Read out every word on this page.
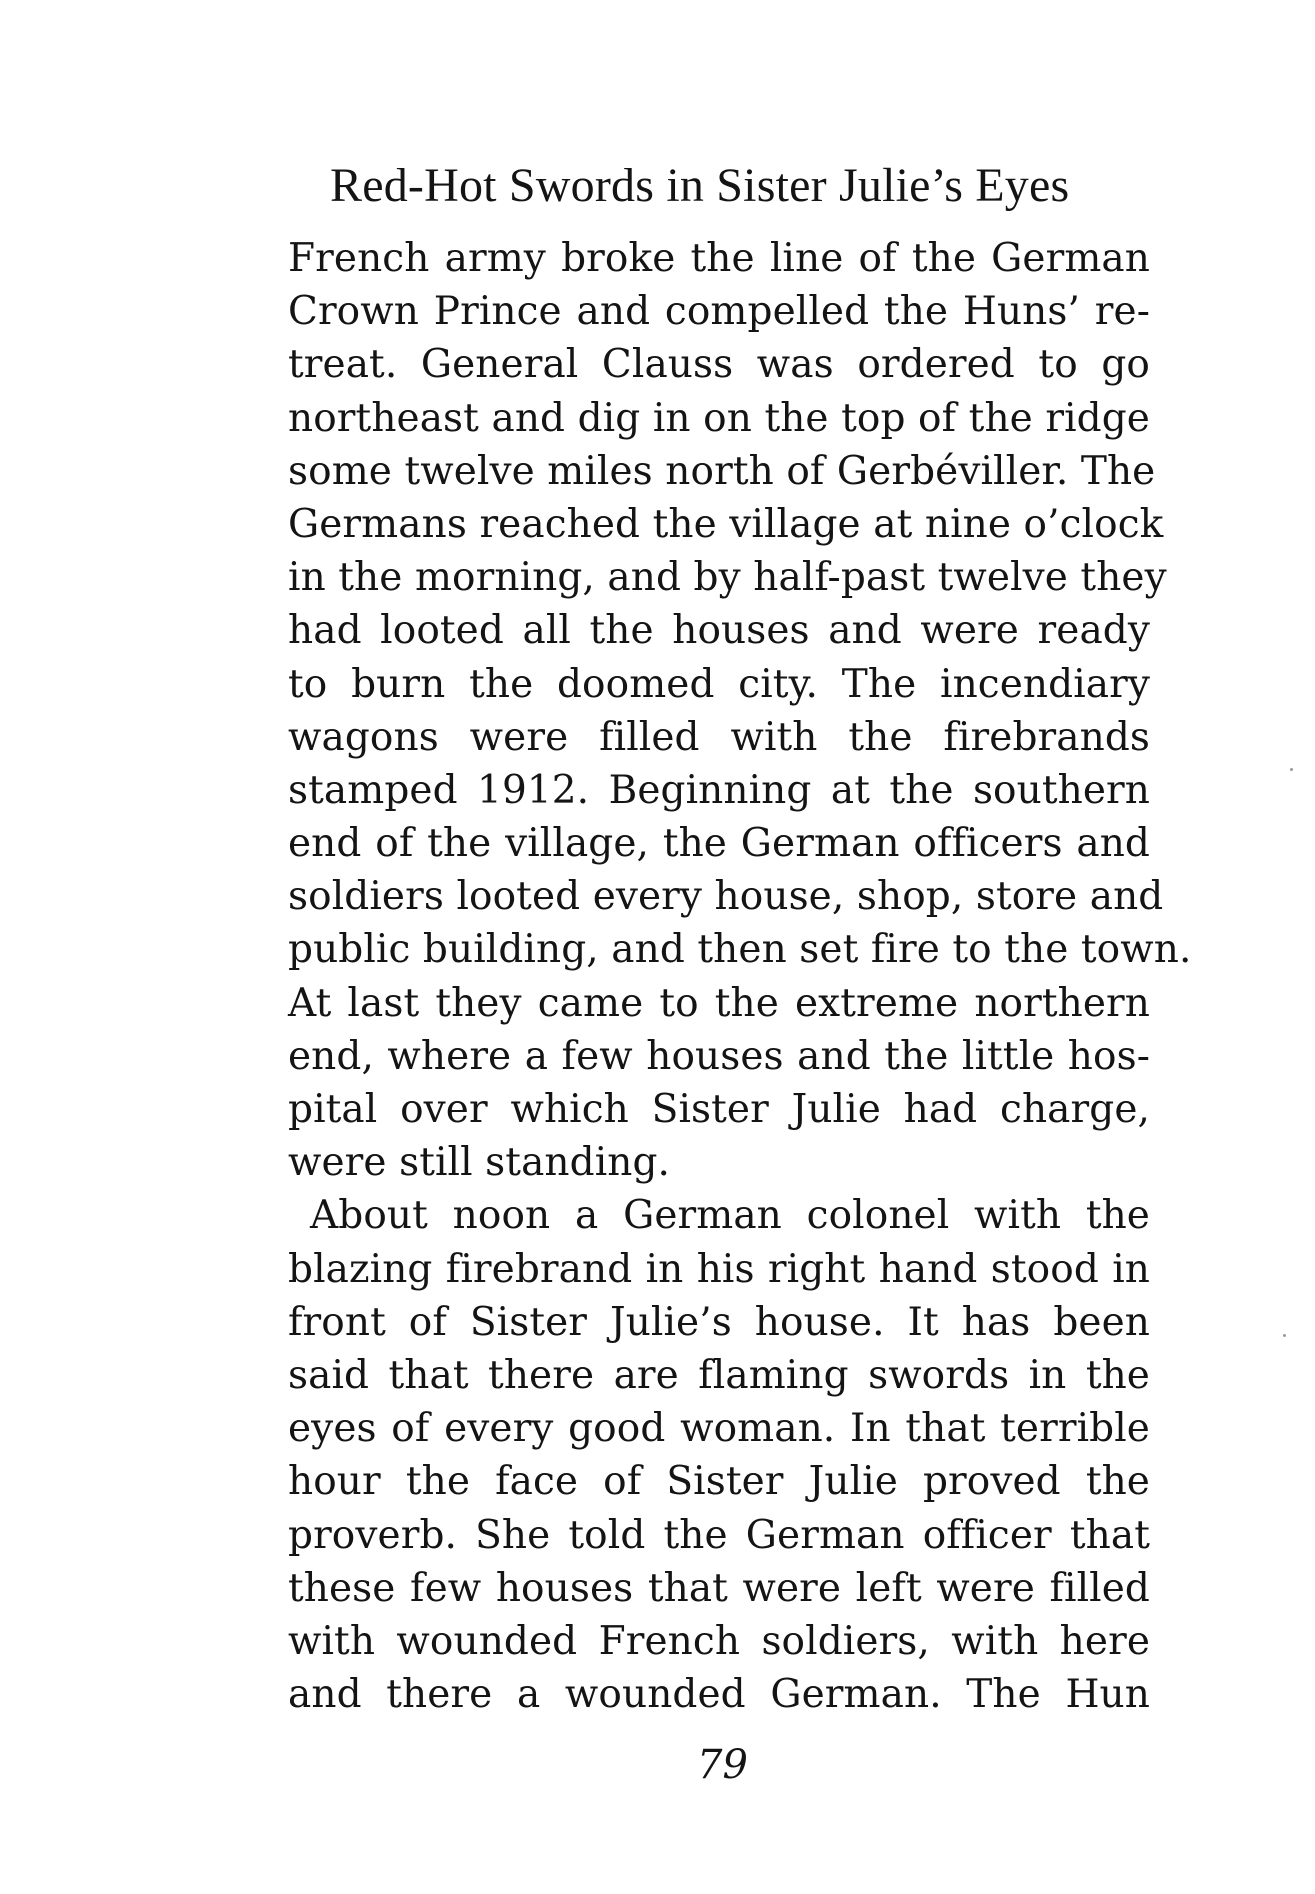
Red-Hot Swords in Sister Julie’s Eyes
French army broke the line of the German
Crown Prince and compelled the Huns’ re-
treat. General Clauss was ordered to go
northeast and dig in on the top of the ridge
some twelve miles north of Gerbéviller. The
Germans reached the village at nine o’clock
in the morning, and by half-past twelve they
had looted all the houses and were ready
to burn the doomed city. The incendiary
wagons were filled with the firebrands
stamped 1912. Beginning at the southern
end of the village, the German officers and
soldiers looted every house, shop, store and
public building, and then set fire to the town.
At last they came to the extreme northern
end, where a few houses and the little hos-
pital over which Sister Julie had charge,
were still standing.
About noon a German colonel with the
blazing firebrand in his right hand stood in
front of Sister Julie’s house. It has been
said that there are flaming swords in the
eyes of every good woman. In that terrible
hour the face of Sister Julie proved the
proverb. She told the German officer that
these few houses that were left were filled
with wounded French soldiers, with here
and there a wounded German. The Hun
79
